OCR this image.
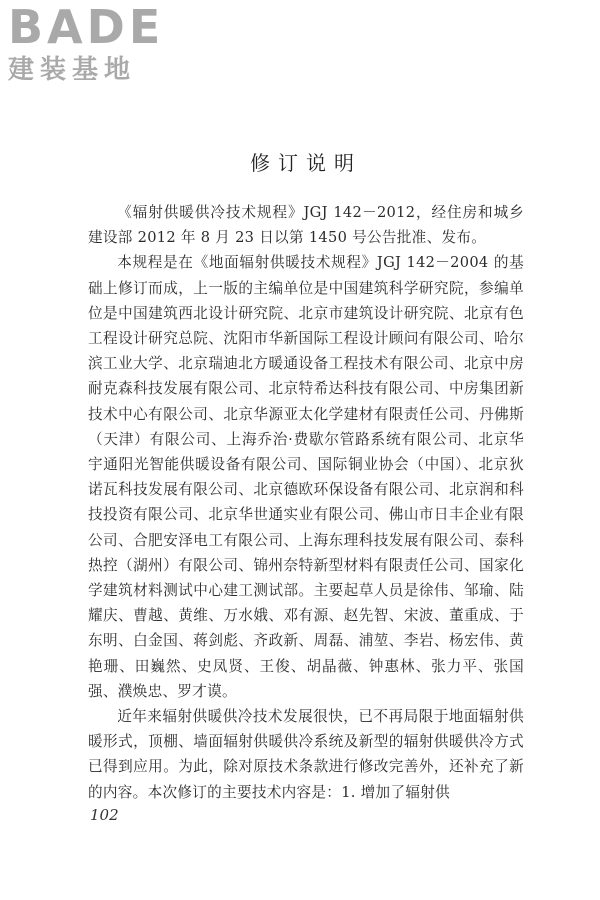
BADE
建装基地
修订说明

《辐射供暖供冷技术规程》JGJ 142－2012，经住房和城乡建设部 2012 年 8 月 23 日以第 1450 号公告批准、发布。

本规程是在《地面辐射供暖技术规程》JGJ 142－2004 的基础上修订而成，上一版的主编单位是中国建筑科学研究院，参编单位是中国建筑西北设计研究院、北京市建筑设计研究院、北京有色工程设计研究总院、沈阳市华新国际工程设计顾问有限公司、哈尔滨工业大学、北京瑞迪北方暖通设备工程技术有限公司、北京中房耐克森科技发展有限公司、北京特希达科技有限公司、中房集团新技术中心有限公司、北京华源亚太化学建材有限责任公司、丹佛斯（天津）有限公司、上海乔治·费歇尔管路系统有限公司、北京华宇通阳光智能供暖设备有限公司、国际铜业协会（中国）、北京狄诺瓦科技发展有限公司、北京德欧环保设备有限公司、北京润和科技投资有限公司、北京华世通实业有限公司、佛山市日丰企业有限公司、合肥安泽电工有限公司、上海东理科技发展有限公司、泰科热控（湖州）有限公司、锦州奈特新型材料有限责任公司、国家化学建筑材料测试中心建工测试部。主要起草人员是徐伟、邹瑜、陆耀庆、曹越、黄维、万水娥、邓有源、赵先智、宋波、董重成、于东明、白金国、蒋剑彪、齐政新、周磊、浦堃、李岩、杨宏伟、黄艳珊、田巍然、史凤贤、王俊、胡晶薇、钟惠林、张力平、张国强、濮焕忠、罗才谟。

近年来辐射供暖供冷技术发展很快，已不再局限于地面辐射供暖形式，顶棚、墙面辐射供暖供冷系统及新型的辐射供暖供冷方式已得到应用。为此，除对原技术条款进行修改完善外，还补充了新的内容。本次修订的主要技术内容是：1. 增加了辐射供

102
